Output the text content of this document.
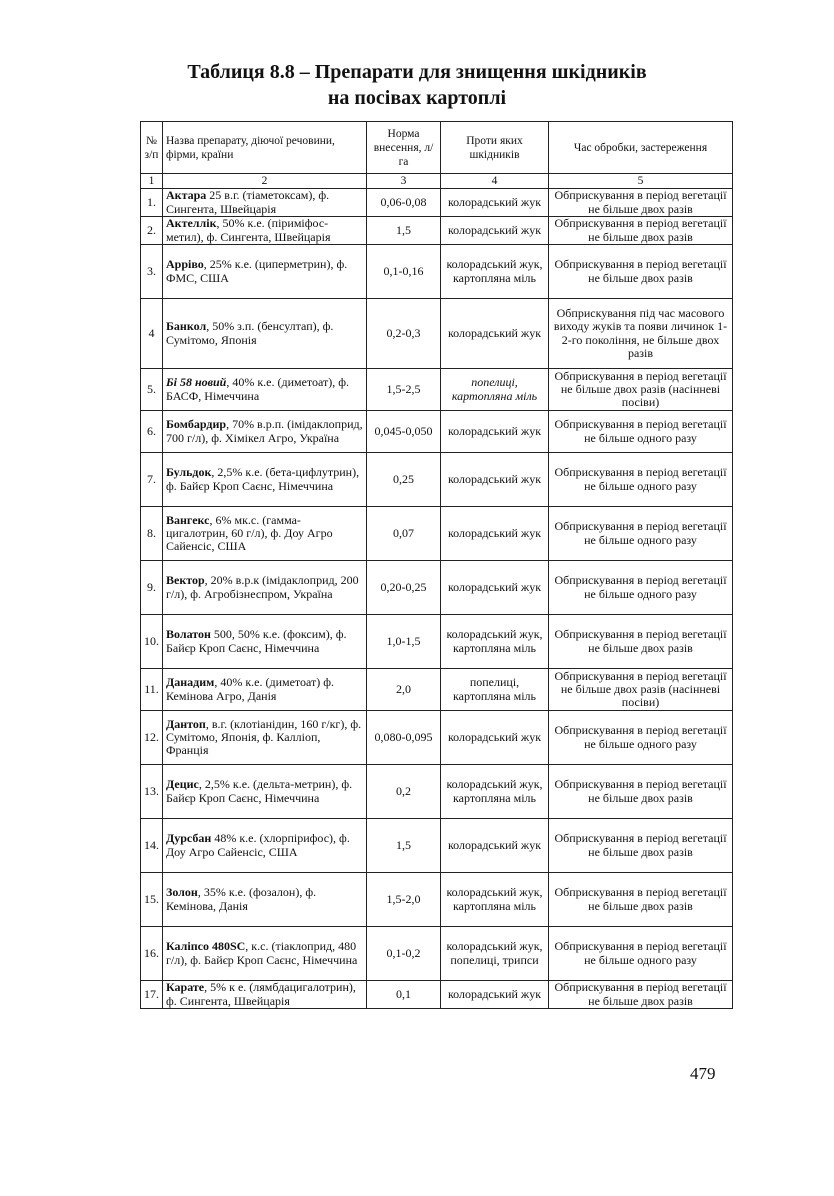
Таблиця 8.8 – Препарати для знищення шкідників
на посівах картоплі
№ з/п	Назва препарату, діючої речовини, фірми, країни	Норма внесення, л/га	Проти яких шкідників	Час обробки, застереження
1	2	3	4	5
1.	Актара 25 в.г. (тіаметоксам), ф. Сингента, Швейцарія	0,06-0,08	колорадський жук	Обприскування в період вегетації не більше двох разів
2.	Актеллік, 50% к.е. (піриміфос-метил), ф. Сингента, Швейцарія	1,5	колорадський жук	Обприскування в період вегетації не більше двох разів
3.	Арріво, 25% к.е. (циперметрин), ф. ФМС, США	0,1-0,16	колорадський жук, картопляна міль	Обприскування в період вегетації не більше двох разів
4	Банкол, 50% з.п. (бенсултап), ф. Сумітомо, Японія	0,2-0,3	колорадський жук	Обприскування під час масового виходу жуків та появи личинок 1-2-го покоління, не більше двох разів
5.	Бі 58 новий, 40% к.е. (диметоат), ф. БАСФ, Німеччина	1,5-2,5	попелиці, картопляна міль	Обприскування в період вегетації не більше двох разів (насінневі посіви)
6.	Бомбардир, 70% в.р.п. (імідаклоприд, 700 г/л), ф. Хімікел Агро, Україна	0,045-0,050	колорадський жук	Обприскування в період вегетації не більше одного разу
7.	Бульдок, 2,5% к.е. (бета-цифлутрин), ф. Байєр Кроп Саєнс, Німеччина	0,25	колорадський жук	Обприскування в період вегетації не більше одного разу
8.	Вангекс, 6% мк.с. (гамма-цигалотрин, 60 г/л), ф. Доу Агро Сайенсіс, США	0,07	колорадський жук	Обприскування в період вегетації не більше одного разу
9.	Вектор, 20% в.р.к (імідаклоприд, 200 г/л), ф. Агробізнеспром, Україна	0,20-0,25	колорадський жук	Обприскування в період вегетації не більше одного разу
10.	Волатон 500, 50% к.е. (фоксим), ф. Байєр Кроп Саєнс, Німеччина	1,0-1,5	колорадський жук, картопляна міль	Обприскування в період вегетації не більше двох разів
11.	Данадим, 40% к.е. (диметоат) ф. Кемінова Агро, Данія	2,0	попелиці, картопляна міль	Обприскування в період вегетації не більше двох разів (насінневі посіви)
12.	Дантоп, в.г. (клотіанідин, 160 г/кг), ф. Сумітомо, Японія, ф. Калліоп, Франція	0,080-0,095	колорадський жук	Обприскування в період вегетації не більше одного разу
13.	Децис, 2,5% к.е. (дельта-метрин), ф. Байєр Кроп Саєнс, Німеччина	0,2	колорадський жук, картопляна міль	Обприскування в період вегетації не більше двох разів
14.	Дурсбан 48% к.е. (хлорпірифос), ф. Доу Агро Сайенсіс, США	1,5	колорадський жук	Обприскування в період вегетації не більше двох разів
15.	Золон, 35% к.е. (фозалон), ф. Кемінова, Данія	1,5-2,0	колорадський жук, картопляна міль	Обприскування в період вегетації не більше двох разів
16.	Каліпсо 480SC, к.с. (тіаклоприд, 480 г/л), ф. Байєр Кроп Саєнс, Німеччина	0,1-0,2	колорадський жук, попелиці, трипси	Обприскування в період вегетації не більше одного разу
17.	Карате, 5% к е. (лямбдацигалотрин), ф. Сингента, Швейцарія	0,1	колорадський жук	Обприскування в період вегетації не більше двох разів
479
